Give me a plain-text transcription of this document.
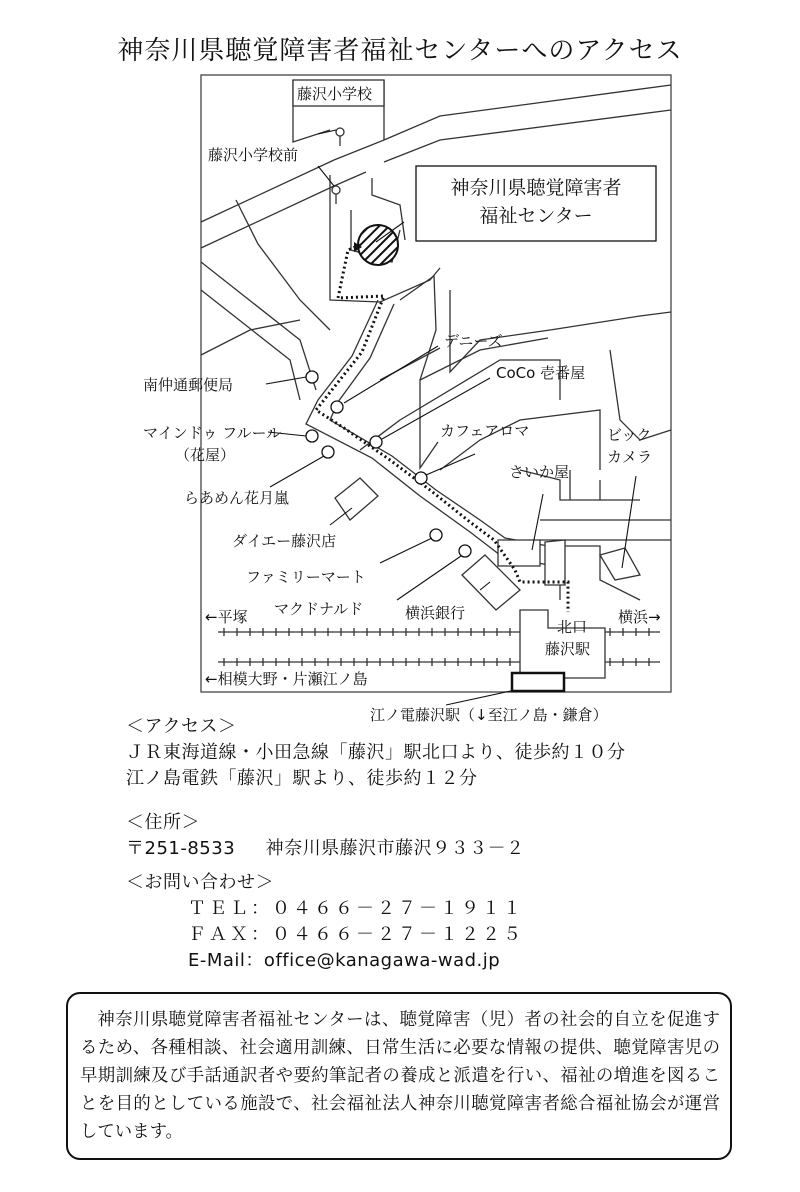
神奈川県聴覚障害者福祉センターへのアクセス
藤沢小学校
藤沢小学校前
神奈川県聴覚障害者
福祉センター
デニーズ
CoCo 壱番屋
南仲通郵便局
マインドゥ フルール
（花屋）
カフェアロマ	ビック
カメラ
さいか屋
らあめん花月嵐
ダイエー藤沢店
ファミリーマート
マクドナルド	横浜銀行
北口
藤沢駅
←平塚	横浜→
←相模大野・片瀬江ノ島
江ノ電藤沢駅（↓至江ノ島・鎌倉）
＜アクセス＞
ＪＲ東海道線・小田急線「藤沢」駅北口より、徒歩約１０分
江ノ島電鉄「藤沢」駅より、徒歩約１２分
＜住所＞
〒251-8533 神奈川県藤沢市藤沢９３３－２
＜お問い合わせ＞
ＴＥＬ：０４６６－２７－１９１１
ＦＡＸ：０４６６－２７－１２２５
E-Mail：office@kanagawa-wad.jp

神奈川県聴覚障害者福祉センターは、聴覚障害（児）者の社会的自立を促進するため、各種相談、社会適用訓練、日常生活に必要な情報の提供、聴覚障害児の早期訓練及び手話通訳者や要約筆記者の養成と派遣を行い、福祉の増進を図ることを目的としている施設で、社会福祉法人神奈川聴覚障害者総合福祉協会が運営しています。
